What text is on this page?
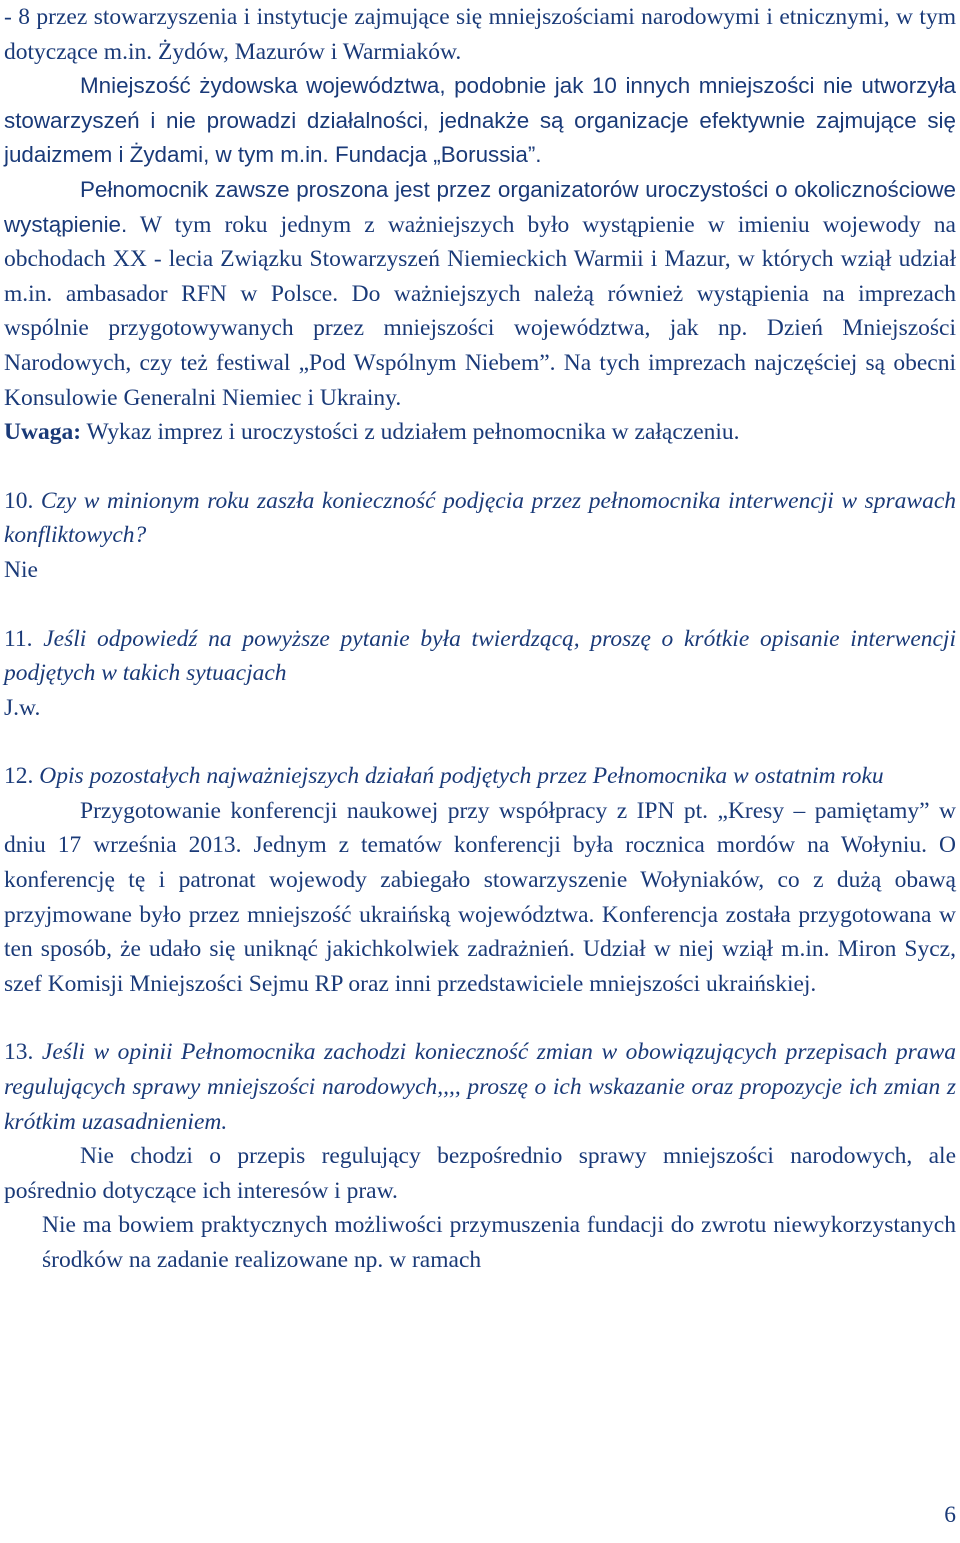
- 8 przez stowarzyszenia i instytucje zajmujące się mniejszościami narodowymi i etnicznymi, w tym dotyczące m.in. Żydów, Mazurów i Warmiaków.

Mniejszość żydowska województwa, podobnie jak 10 innych mniejszości nie utworzyła stowarzyszeń i nie prowadzi działalności, jednakże są organizacje efektywnie zajmujące się judaizmem i Żydami, w tym m.in. Fundacja „Borussia”.

Pełnomocnik zawsze proszona jest przez organizatorów uroczystości o okolicznościowe wystąpienie. W tym roku jednym z ważniejszych było wystąpienie w imieniu wojewody na obchodach XX - lecia Związku Stowarzyszeń Niemieckich Warmii i Mazur, w których wziął udział m.in. ambasador RFN w Polsce. Do ważniejszych należą również wystąpienia na imprezach wspólnie przygotowywanych przez mniejszości województwa, jak np. Dzień Mniejszości Narodowych, czy też festiwal „Pod Wspólnym Niebem”. Na tych imprezach najczęściej są obecni Konsulowie Generalni Niemiec i Ukrainy.

Uwaga: Wykaz imprez i uroczystości z udziałem pełnomocnika w załączeniu.

10. Czy w minionym roku zaszła konieczność podjęcia przez pełnomocnika interwencji w sprawach konfliktowych?

Nie

11. Jeśli odpowiedź na powyższe pytanie była twierdzącą, proszę o krótkie opisanie interwencji podjętych w takich sytuacjach

J.w.

12. Opis pozostałych najważniejszych działań podjętych przez Pełnomocnika w ostatnim roku

Przygotowanie konferencji naukowej przy współpracy z IPN pt. „Kresy – pamiętamy” w dniu 17 września 2013. Jednym z tematów konferencji była rocznica mordów na Wołyniu. O konferencję tę i patronat wojewody zabiegało stowarzyszenie Wołyniaków, co z dużą obawą przyjmowane było przez mniejszość ukraińską województwa. Konferencja została przygotowana w ten sposób, że udało się uniknąć jakichkolwiek zadrażnień. Udział w niej wziął m.in. Miron Sycz, szef Komisji Mniejszości Sejmu RP oraz inni przedstawiciele mniejszości ukraińskiej.

13. Jeśli w opinii Pełnomocnika zachodzi konieczność zmian w obowiązujących przepisach prawa regulujących sprawy mniejszości narodowych,,,, proszę o ich wskazanie oraz propozycje ich zmian z krótkim uzasadnieniem.

Nie chodzi o przepis regulujący bezpośrednio sprawy mniejszości narodowych, ale pośrednio dotyczące ich interesów i praw.

Nie ma bowiem praktycznych możliwości przymuszenia fundacji do zwrotu niewykorzystanych środków na zadanie realizowane np. w ramach

6
